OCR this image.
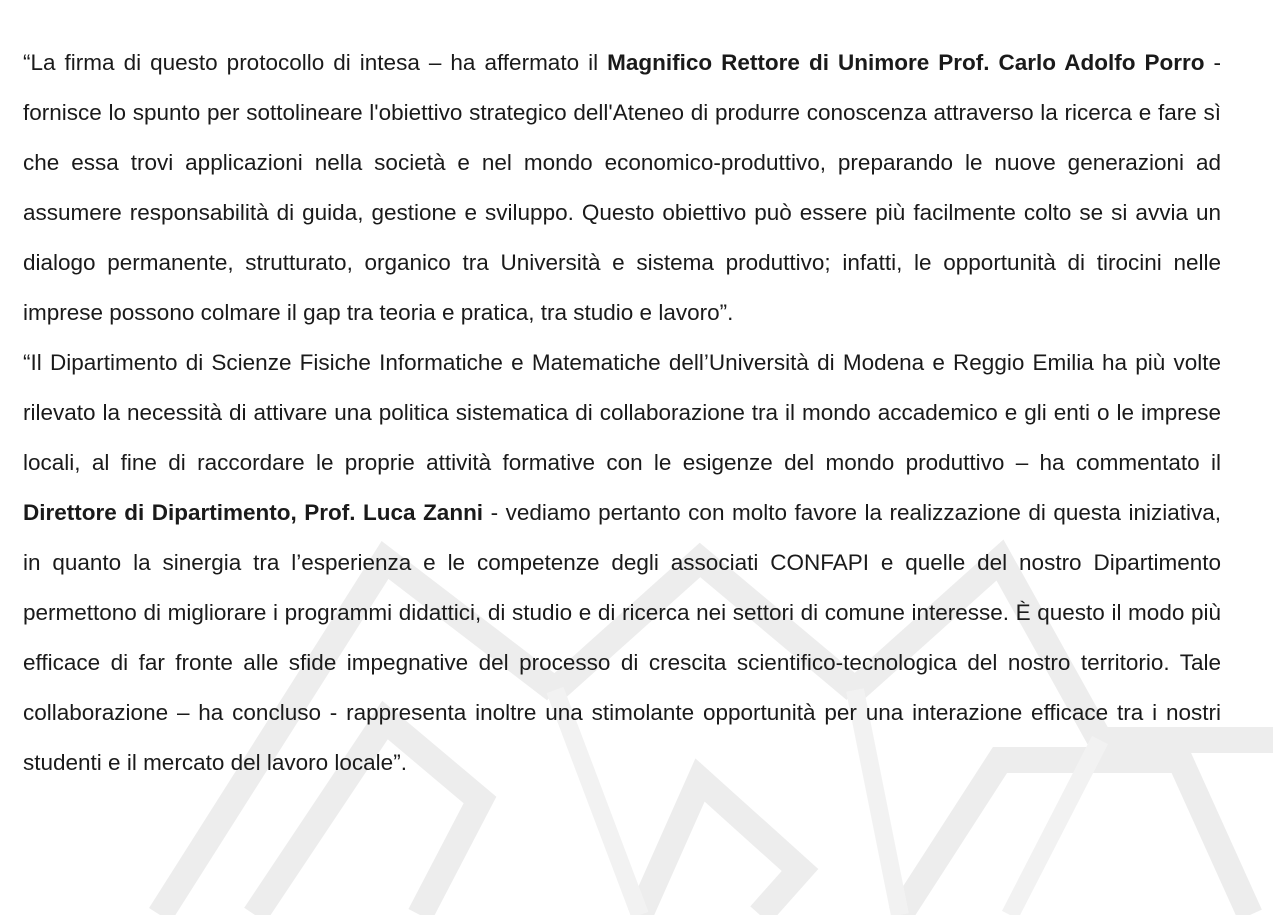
“La firma di questo protocollo di intesa – ha affermato il Magnifico Rettore di Unimore Prof. Carlo Adolfo Porro - fornisce lo spunto per sottolineare l'obiettivo strategico dell'Ateneo di produrre conoscenza attraverso la ricerca e fare sì che essa trovi applicazioni nella società e nel mondo economico-produttivo, preparando le nuove generazioni ad assumere responsabilità di guida, gestione e sviluppo. Questo obiettivo può essere più facilmente colto se si avvia un dialogo permanente, strutturato, organico tra Università e sistema produttivo; infatti, le opportunità di tirocini nelle imprese possono colmare il gap tra teoria e pratica, tra studio e lavoro”.

“Il Dipartimento di Scienze Fisiche Informatiche e Matematiche dell’Università di Modena e Reggio Emilia ha più volte rilevato la necessità di attivare una politica sistematica di collaborazione tra il mondo accademico e gli enti o le imprese locali, al fine di raccordare le proprie attività formative con le esigenze del mondo produttivo – ha commentato il Direttore di Dipartimento, Prof. Luca Zanni - vediamo pertanto con molto favore la realizzazione di questa iniziativa, in quanto la sinergia tra l’esperienza e le competenze degli associati CONFAPI e quelle del nostro Dipartimento permettono di migliorare i programmi didattici, di studio e di ricerca nei settori di comune interesse. È questo il modo più efficace di far fronte alle sfide impegnative del processo di crescita scientifico-tecnologica del nostro territorio. Tale collaborazione – ha concluso - rappresenta inoltre una stimolante opportunità per una interazione efficace tra i nostri studenti e il mercato del lavoro locale”.
